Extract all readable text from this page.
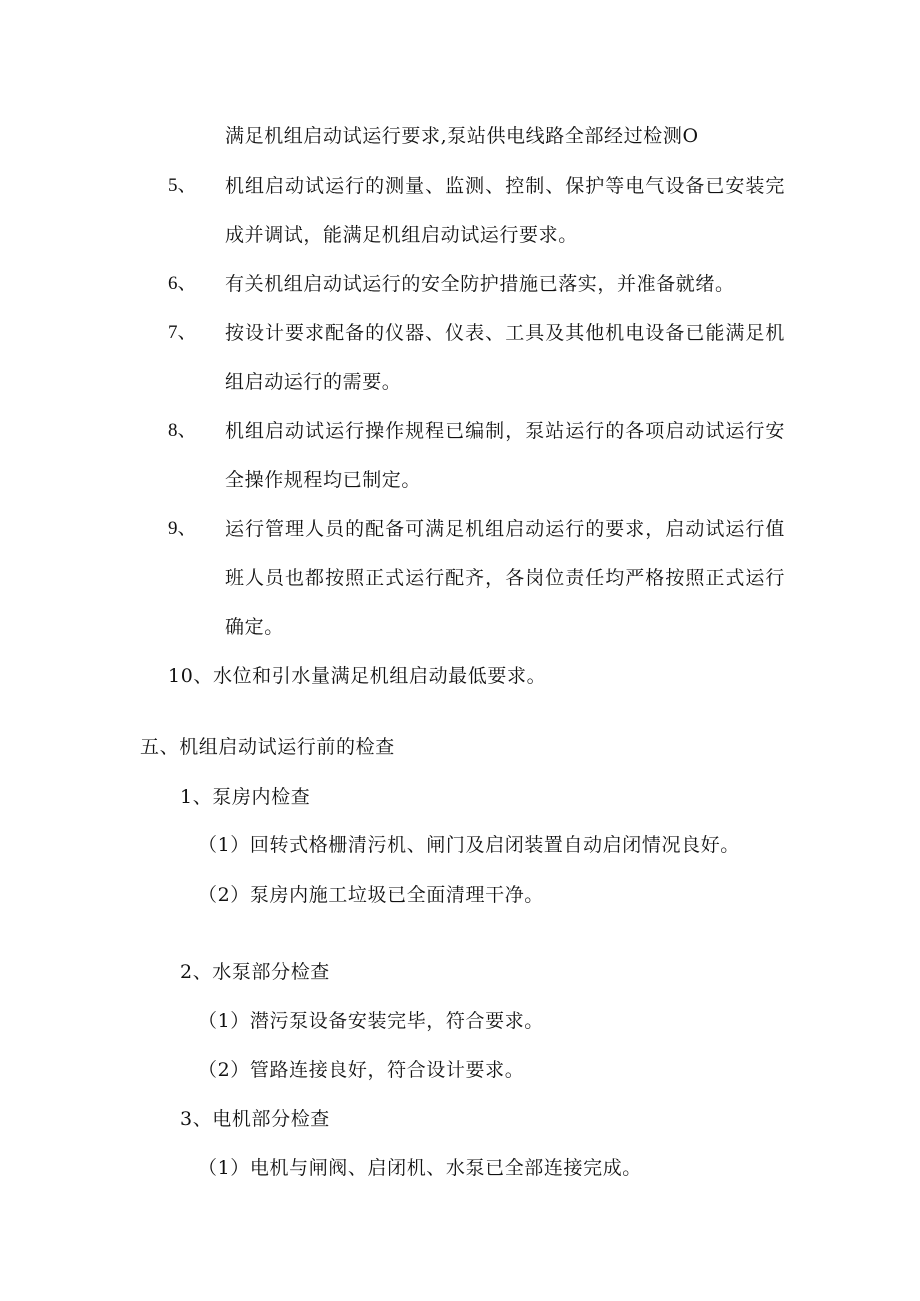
满足机组启动试运行要求,泵站供电线路全部经过检测O
5、 机组启动试运行的测量、监测、控制、保护等电气设备已安装完
成并调试，能满足机组启动试运行要求。
6、 有关机组启动试运行的安全防护措施已落实，并准备就绪。
7、 按设计要求配备的仪器、仪表、工具及其他机电设备已能满足机
组启动运行的需要。
8、 机组启动试运行操作规程已编制，泵站运行的各项启动试运行安
全操作规程均已制定。
9、 运行管理人员的配备可满足机组启动运行的要求，启动试运行值
班人员也都按照正式运行配齐，各岗位责任均严格按照正式运行
确定。
10、水位和引水量满足机组启动最低要求。
五、机组启动试运行前的检查
1、泵房内检查
（1）回转式格栅清污机、闸门及启闭装置自动启闭情况良好。
（2）泵房内施工垃圾已全面清理干净。
2、水泵部分检查
（1）潜污泵设备安装完毕，符合要求。
（2）管路连接良好，符合设计要求。
3、电机部分检查
（1）电机与闸阀、启闭机、水泵已全部连接完成。
